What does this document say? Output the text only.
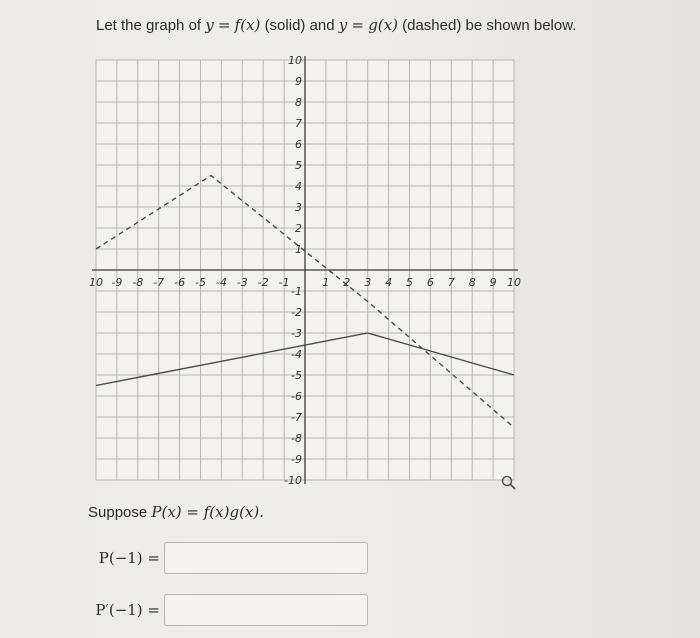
Let the graph of y = f(x) (solid) and y = g(x) (dashed) be shown below.
10 -9 -8 -7 -6 -5 -4 -3 -2 -1	1 2 3 4 5 6 7 8 9 10
10
9
8
7
6
5
4
3
2
1
-1
-2
-3
-4
-5
-6
-7
-8
-9
-10
Suppose P(x) = f(x)g(x).
P(−1) =
P′(−1) =
